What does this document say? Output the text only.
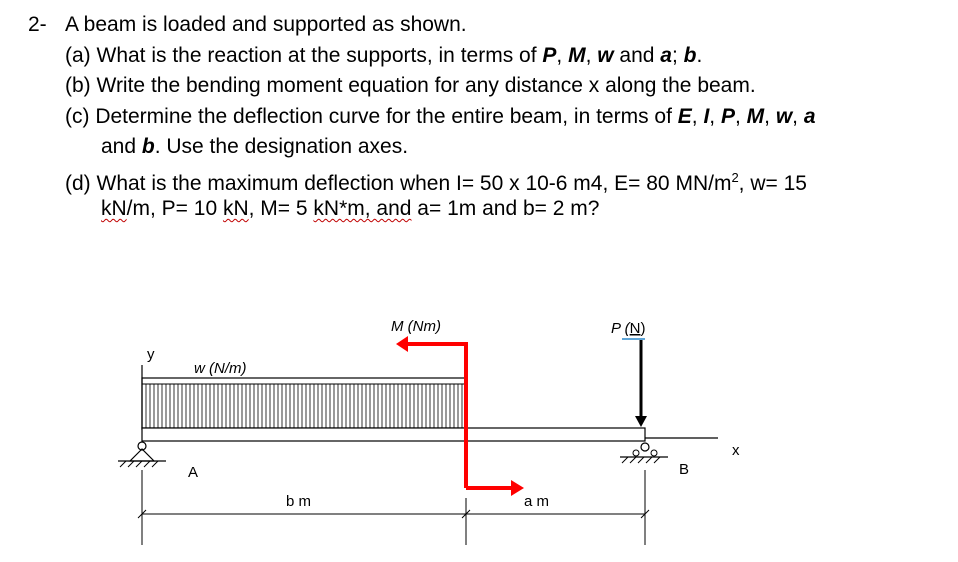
2- A beam is loaded and supported as shown.
(a) What is the reaction at the supports, in terms of P, M, w and a; b.
(b) Write the bending moment equation for any distance x along the beam.
(c) Determine the deflection curve for the entire beam, in terms of E, I, P, M, w, a
and b. Use the designation axes.
(d) What is the maximum deflection when I= 50 x 10-6 m4, E= 80 $MN/m^2$, w= 15
kN/m, P= 10 kN, M= 5 kN*m, and a= 1m and b= 2 m?
y
w (N/m)
x
A	B
P (N)
M (Nm)
b m	a m
